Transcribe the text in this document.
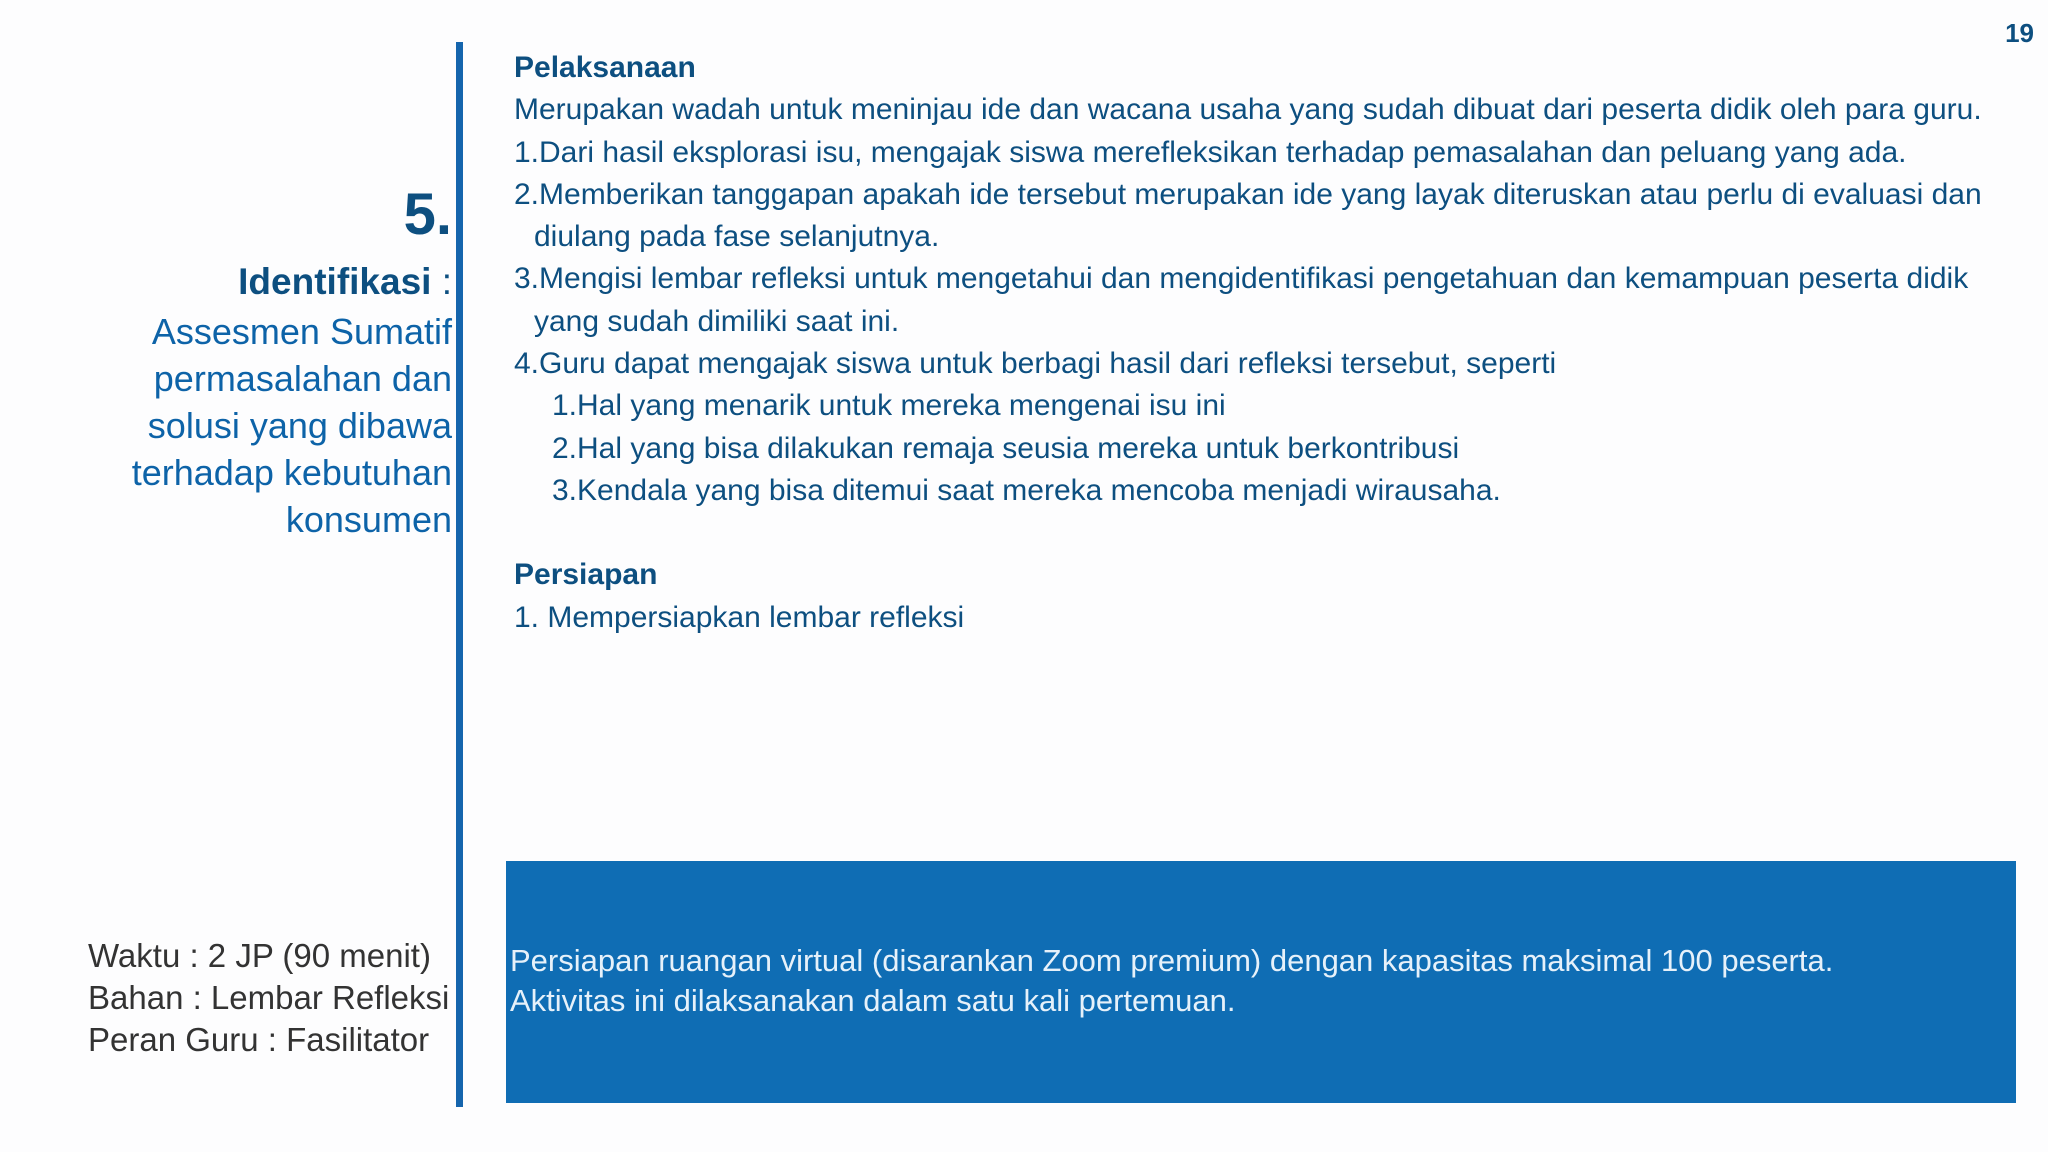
19
5.
Identifikasi :
Assesmen Sumatif
permasalahan dan
solusi yang dibawa
terhadap kebutuhan
konsumen
Waktu : 2 JP (90 menit)
Bahan : Lembar Refleksi
Peran Guru : Fasilitator
Pelaksanaan
Merupakan wadah untuk meninjau ide dan wacana usaha yang sudah dibuat dari peserta didik oleh para guru.
1.Dari hasil eksplorasi isu, mengajak siswa merefleksikan terhadap pemasalahan dan peluang yang ada.
2.Memberikan tanggapan apakah ide tersebut merupakan ide yang layak diteruskan atau perlu di evaluasi dan diulang pada fase selanjutnya.
3.Mengisi lembar refleksi untuk mengetahui dan mengidentifikasi pengetahuan dan kemampuan peserta didik yang sudah dimiliki saat ini.
4.Guru dapat mengajak siswa untuk berbagi hasil dari refleksi tersebut, seperti
1.Hal yang menarik untuk mereka mengenai isu ini
2.Hal yang bisa dilakukan remaja seusia mereka untuk berkontribusi
3.Kendala yang bisa ditemui saat mereka mencoba menjadi wirausaha.
Persiapan
1. Mempersiapkan lembar refleksi
Persiapan ruangan virtual (disarankan Zoom premium) dengan kapasitas maksimal 100 peserta.
Aktivitas ini dilaksanakan dalam satu kali pertemuan.
